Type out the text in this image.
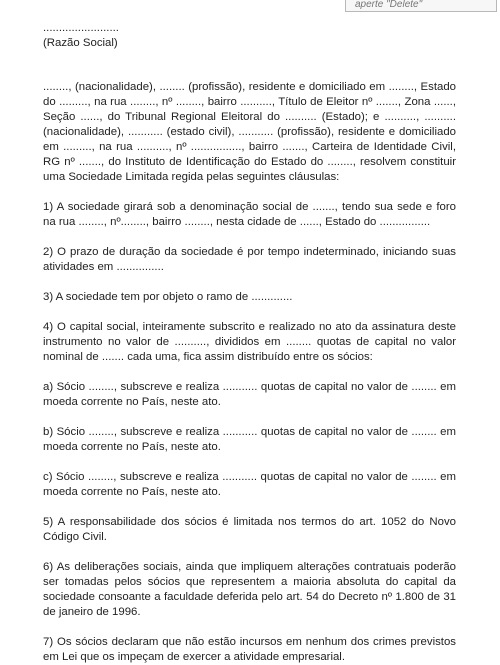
aperte "Delete"

........................

(Razão Social)

........, (nacionalidade), ........ (profissão), residente e domiciliado em ........, Estado do ........., na rua ........, nº ........, bairro .........., Título de Eleitor nº ......., Zona ......, Seção ......, do Tribunal Regional Eleitoral do .......... (Estado); e .........., .......... (nacionalidade), ........... (estado civil), ........... (profissão), residente e domiciliado em ........., na rua .........., nº ................, bairro ......., Carteira de Identidade Civil, RG nº ......., do Instituto de Identificação do Estado do ........, resolvem constituir uma Sociedade Limitada regida pelas seguintes cláusulas:

1) A sociedade girará sob a denominação social de ......., tendo sua sede e foro na rua ........, nº........, bairro ........, nesta cidade de ......, Estado do ................

2) O prazo de duração da sociedade é por tempo indeterminado, iniciando suas atividades em ...............

3) A sociedade tem por objeto o ramo de .............

4) O capital social, inteiramente subscrito e realizado no ato da assinatura deste instrumento no valor de .........., divididos em ........ quotas de capital no valor nominal de ....... cada uma, fica assim distribuído entre os sócios:

a) Sócio ........, subscreve e realiza ........... quotas de capital no valor de ........ em moeda corrente no País, neste ato.

b) Sócio ........, subscreve e realiza ........... quotas de capital no valor de ........ em moeda corrente no País, neste ato.

c) Sócio ........, subscreve e realiza ........... quotas de capital no valor de ........ em moeda corrente no País, neste ato.

5) A responsabilidade dos sócios é limitada nos termos do art. 1052 do Novo Código Civil.

6) As deliberações sociais, ainda que impliquem alterações contratuais poderão ser tomadas pelos sócios que representem a maioria absoluta do capital da sociedade consoante a faculdade deferida pelo art. 54 do Decreto nº 1.800 de 31 de janeiro de 1996.

7) Os sócios declaram que não estão incursos em nenhum dos crimes previstos em Lei que os impeçam de exercer a atividade empresarial.
